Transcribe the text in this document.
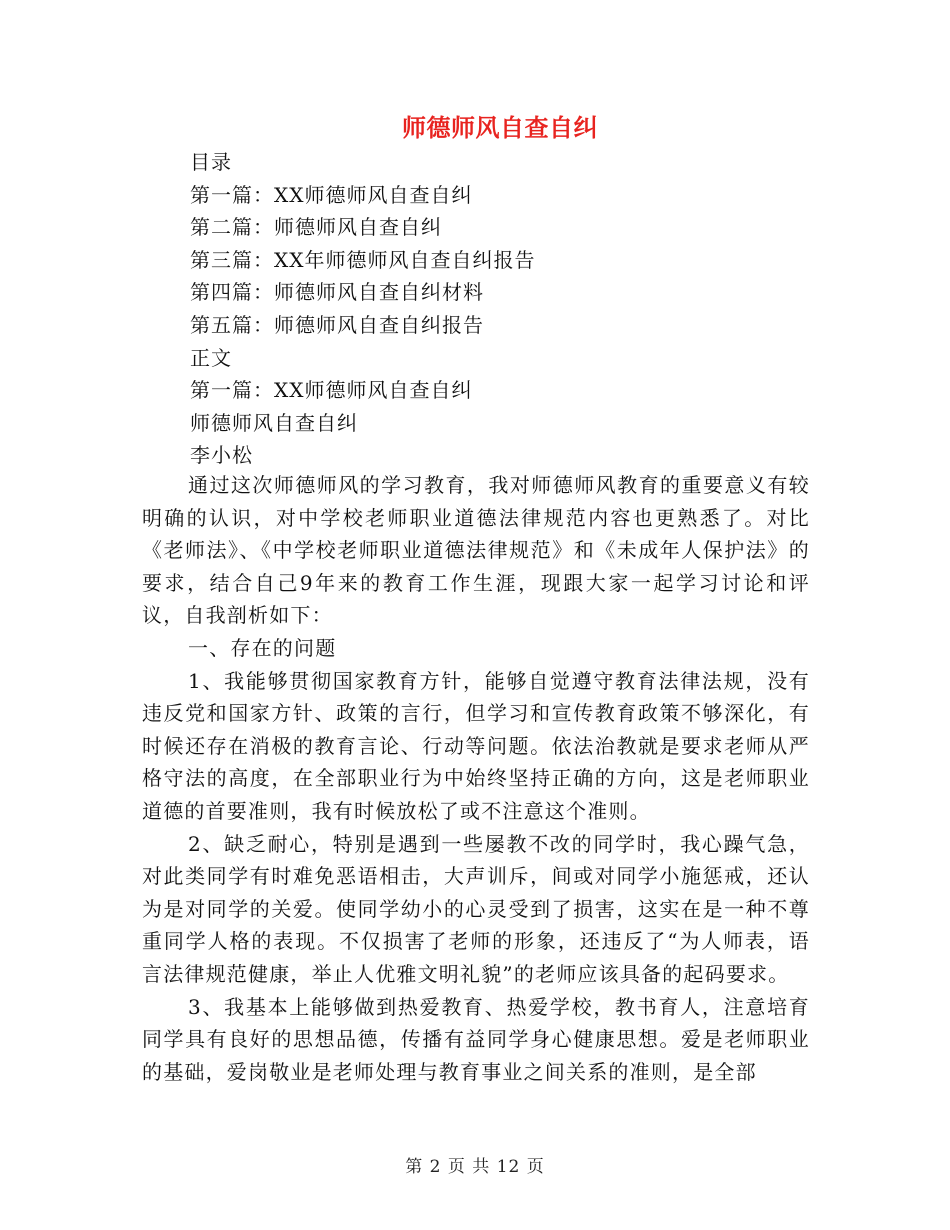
师德师风自查自纠
目录
第一篇：XX师德师风自查自纠
第二篇：师德师风自查自纠
第三篇：XX年师德师风自查自纠报告
第四篇：师德师风自查自纠材料
第五篇：师德师风自查自纠报告
正文
第一篇：XX师德师风自查自纠
师德师风自查自纠
李小松

通过这次师德师风的学习教育，我对师德师风教育的重要意义有较明确的认识，对中学校老师职业道德法律规范内容也更熟悉了。对比《老师法》、《中学校老师职业道德法律规范》和《未成年人保护法》的要求，结合自己9年来的教育工作生涯，现跟大家一起学习讨论和评议，自我剖析如下：

一、存在的问题

1、我能够贯彻国家教育方针，能够自觉遵守教育法律法规，没有违反党和国家方针、政策的言行，但学习和宣传教育政策不够深化，有时候还存在消极的教育言论、行动等问题。依法治教就是要求老师从严格守法的高度，在全部职业行为中始终坚持正确的方向，这是老师职业道德的首要准则，我有时候放松了或不注意这个准则。

2、缺乏耐心，特别是遇到一些屡教不改的同学时，我心躁气急，对此类同学有时难免恶语相击，大声训斥，间或对同学小施惩戒，还认为是对同学的关爱。使同学幼小的心灵受到了损害，这实在是一种不尊重同学人格的表现。不仅损害了老师的形象，还违反了“为人师表，语言法律规范健康，举止人优雅文明礼貌”的老师应该具备的起码要求。

3、我基本上能够做到热爱教育、热爱学校，教书育人，注意培育同学具有良好的思想品德，传播有益同学身心健康思想。爱是老师职业的基础，爱岗敬业是老师处理与教育事业之间关系的准则，是全部

第 2 页 共 12 页
